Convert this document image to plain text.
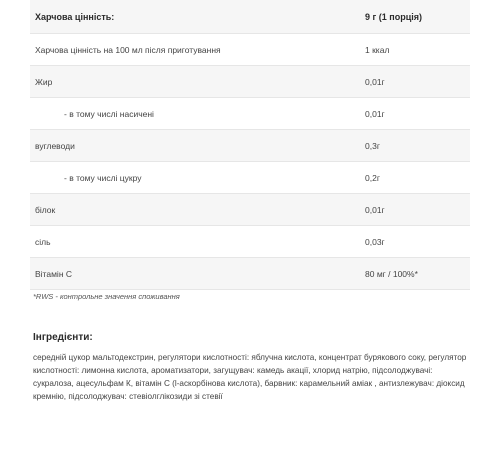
Харчова цінність:	9 г (1 порція)
Харчова цінність на 100 мл після приготування	1 ккал
Жир	0,01г
- в тому числі насичені	0,01г
вуглеводи	0,3г
- в тому числі цукру	0,2г
білок	0,01г
сіль	0,03г
Вітамін С	80 мг / 100%*
*RWS - контрольне значення споживання
Інгредієнти:
середній цукор мальтодекстрин, регулятори кислотності: яблучна кислота, концентрат бурякового соку, регулятор кислотності: лимонна кислота, ароматизатори, загущувач: камедь акації, хлорид натрію, підсолоджувачі: сукралоза, ацесульфам К, вітамін С (l-аскорбінова кислота), барвник: карамельний аміак , антизлежувач: діоксид кремнію, підсолоджувач: стевіолглікозиди зі стевії
